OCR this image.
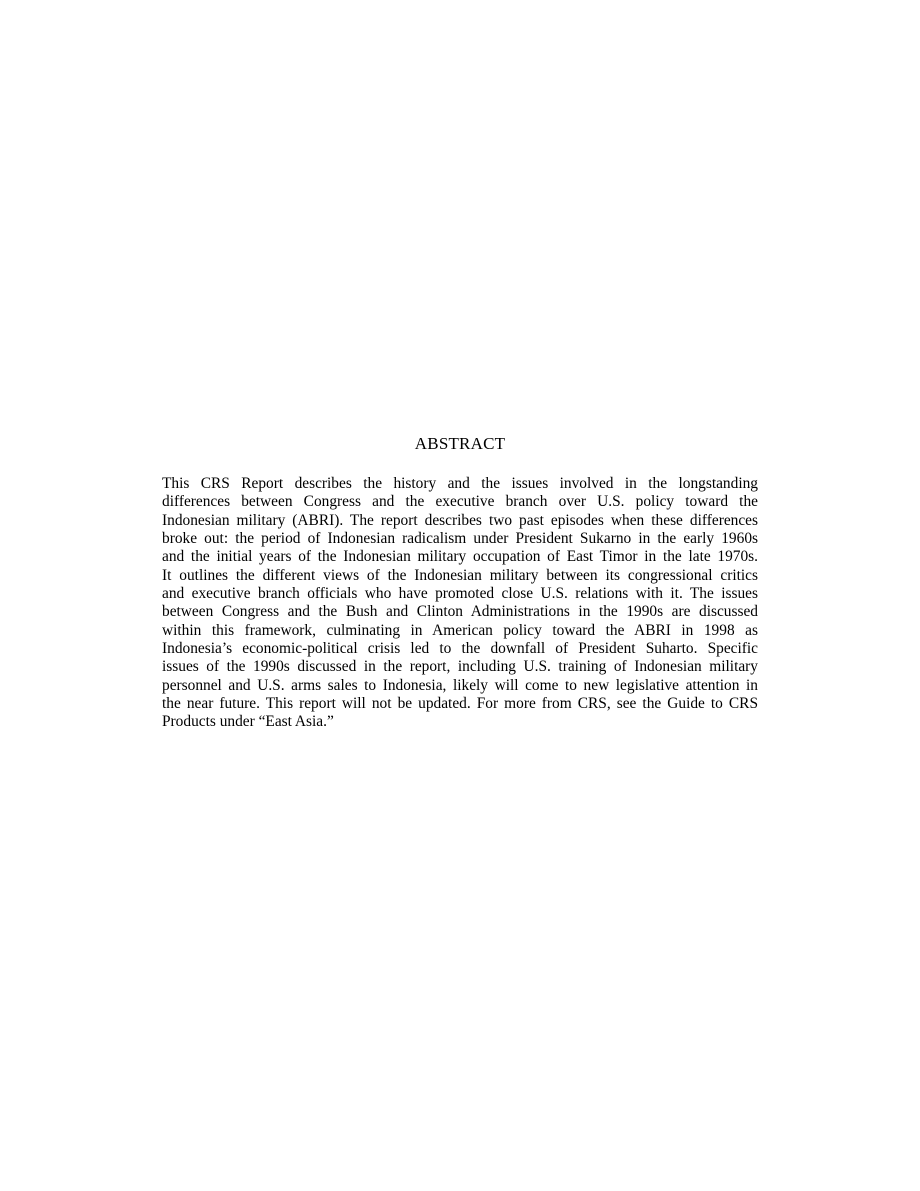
ABSTRACT
This CRS Report describes the history and the issues involved in the longstanding
differences between Congress and the executive branch over U.S. policy toward the
Indonesian military (ABRI). The report describes two past episodes when these differences
broke out: the period of Indonesian radicalism under President Sukarno in the early 1960s
and the initial years of the Indonesian military occupation of East Timor in the late 1970s.
It outlines the different views of the Indonesian military between its congressional critics
and executive branch officials who have promoted close U.S. relations with it. The issues
between Congress and the Bush and Clinton Administrations in the 1990s are discussed
within this framework, culminating in American policy toward the ABRI in 1998 as
Indonesia’s economic-political crisis led to the downfall of President Suharto. Specific
issues of the 1990s discussed in the report, including U.S. training of Indonesian military
personnel and U.S. arms sales to Indonesia, likely will come to new legislative attention in
the near future. This report will not be updated. For more from CRS, see the Guide to CRS
Products under “East Asia.”
